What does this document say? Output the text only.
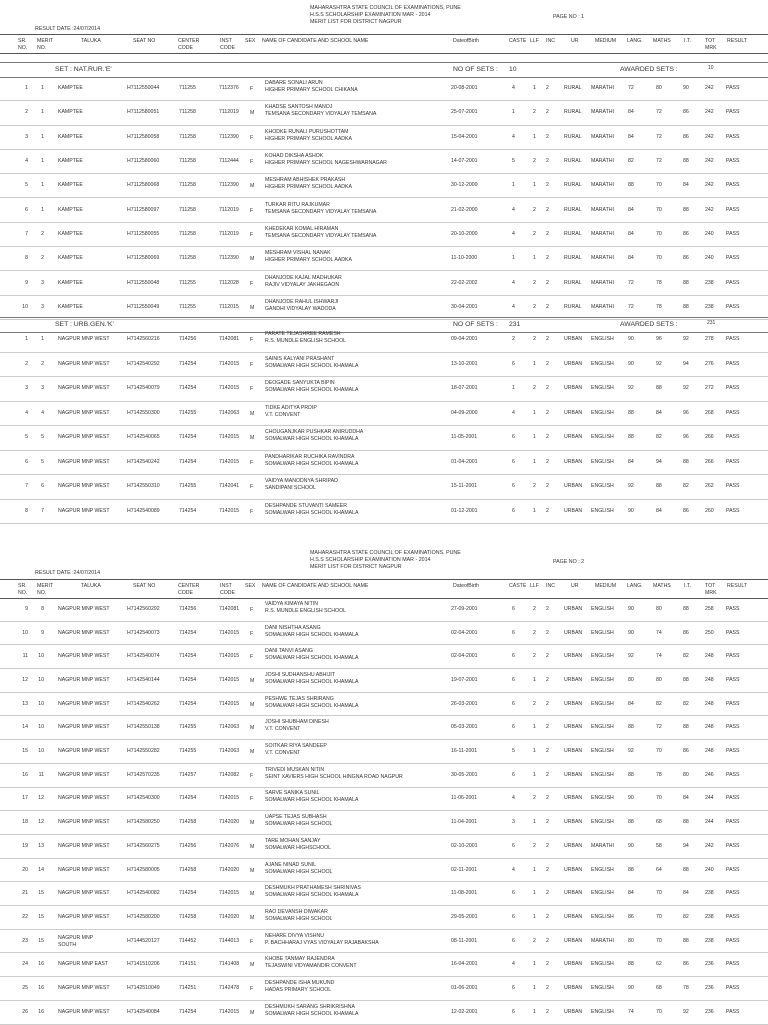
MAHARASHTRA STATE COUNCIL OF EXAMINATIONS, PUNE
H.S.S SCHOLARSHIP EXAMINATION MAR - 2014
MERIT LIST FOR DISTRICT NAGPUR
PAGE NO : 1
RESULT DATE :24/07/2014
SR.
NO.
MERIT
NO.
TALUKA	SEAT NO	CENTER
CODE
INST
CODE
SEX NAME OF CANDIDATE AND SCHOOL NAME	DateofBirth	CASTE LLF INC	UR	MEDIUM LANG. MATHS	I.T.	TOT
MRK
RESULT
SET : NAT.RUR.'E'	NO OF SETS : 10	AWARDED SETS :	10
1	1	KAMPTEE	H7112550044	711255	7112376 F	20-08-2001	4	1 2	RURAL MARATHI	72	80	90	242 PASS
DABARE SONALI ARUN
HIGHER PRIMARY SCHOOL CHIKANA
2	1	KAMPTEE	H7112580051	711258	7112019 M	25-07-2001	1	2 2	RURAL MARATHI	84	72	86	242 PASS
KHADSE SANTOSH MANOJ
TEMSANA SECONDARY VIDYALAY TEMSANA
3	1	KAMPTEE	H7112580058	711258	7112390 F	15-04-2001	4	1 2	RURAL MARATHI	84	72	86	242 PASS
KHODKE RUNALI PURUSHOTTAM
HIGHER PRIMARY SCHOOL AADKA
4	1	KAMPTEE	H7112580060	711258	7112444 F	14-07-2001	5	2 2	RURAL MARATHI	82	72	88	242 PASS
KOHAD DIKSHA ASHOK
HIGHER PRIMARY SCHOOL NAGESHWARNAGAR
5	1	KAMPTEE	H7112580068	711258	7112390 M	30-12-2000	1	1 2	RURAL MARATHI	88	70	84	242 PASS
MESHRAM ABHISHEK PRAKASH
HIGHER PRIMARY SCHOOL AADKA
6	1	KAMPTEE	H7112580097	711258	7112019 F	21-02-2000	4	2 2	RURAL MARATHI	84	70	88	242 PASS
TURKAR RITU RAJKUMAR
TEMSANA SECONDARY VIDYALAY TEMSANA
7	2	KAMPTEE	H7112580055	711258	7112019 F	20-10-2000	4	2 2	RURAL MARATHI	84	70	86	240 PASS
KHEDEKAR KOMAL HIRAMAN
TEMSANA SECONDARY VIDYALAY TEMSANA
8	2	KAMPTEE	H7112580069	711258	7112390 M	11-10-2000	1	1 2	RURAL MARATHI	84	70	86	240 PASS
MESHRAM VISHAL NANAK
HIGHER PRIMARY SCHOOL AADKA
9	3	KAMPTEE	H7112550048	711255	7112028 F	22-02-2002	4	2 2	RURAL MARATHI	72	78	88	238 PASS
DHANJODE KAJAL MADHUKAR
RAJIV VIDYALAY JAKHEGAON
10	3	KAMPTEE	H7112550049	711255	7112015 M	30-04-2001	4	2 2	RURAL MARATHI	72	78	88	238 PASS
DHANJODE RAHUL ISHWARJI
GANDHI VIDYALAY WADODA
SET : URB.GEN.'K'	NO OF SETS : 231	AWARDED SETS :	231
1	1	NAGPUR MNP WEST	H7142560216	714256	7142081 F	09-04-2001	2	2 2	URBAN ENGLISH	90	96	92	278 PASS
PARATE TEJASHREE RAMESH
R.S. MUNDLE ENGLISH SCHOOL
2	2	NAGPUR MNP WEST	H7142540292	714254	7142015 F	13-10-2001	6	1 2	URBAN ENGLISH	90	92	94	276 PASS
SAINIS KALYANI PRASHANT
SOMALWAR HIGH SCHOOL KHAMALA
3	3	NAGPUR MNP WEST	H7142540079	714254	7142015 F	18-07-2001	1	2 2	URBAN ENGLISH	92	88	92	272 PASS
DEOGADE SANYUKTA BIPIN
SOMALWAR HIGH SCHOOL KHAMALA
4	4	NAGPUR MNP WEST	H7142550300	714255	7142063 M	04-09-2000	4	1 2	URBAN ENGLISH	88	84	96	268 PASS
TIDKE ADITYA PRDIP
V.T. CONVENT
5	5	NAGPUR MNP WEST	H7142540065	714254	7142015 M	11-05-2001	6	1 2	URBAN ENGLISH	88	82	96	266 PASS
CHOUGANJKAR PUSHKAR ANIRUDDHA
SOMALWAR HIGH SCHOOL KHAMALA
6	5	NAGPUR MNP WEST	H7142540242	714254	7142015 F	01-04-2001	6	1 2	URBAN ENGLISH	84	94	88	266 PASS
PANDHARIKAR RUCHIKA RAVINDRA
SOMALWAR HIGH SCHOOL KHAMALA
7	6	NAGPUR MNP WEST	H7142550310	714255	7142041 F	15-11-2001	6	2 2	URBAN ENGLISH	92	88	82	262 PASS
VAIDYA MANODNYA SHRIPAD
SANDIPANI SCHOOL
8	7	NAGPUR MNP WEST	H7142540089	714254	7142015 F	01-12-2001	6	1 2	URBAN ENGLISH	90	84	86	260 PASS
DESHPANDE STUVANTI SAMEER
SOMALWAR HIGH SCHOOL KHAMALA
MAHARASHTRA STATE COUNCIL OF EXAMINATIONS, PUNE
H.S.S SCHOLARSHIP EXAMINATION MAR - 2014
MERIT LIST FOR DISTRICT NAGPUR
PAGE NO : 2
RESULT DATE :24/07/2014
SR.
NO.
MERIT
NO.
TALUKA	SEAT NO	CENTER
CODE
INST
CODE
SEX NAME OF CANDIDATE AND SCHOOL NAME	DateofBirth	CASTE LLF INC	UR	MEDIUM LANG. MATHS	I.T.	TOT
MRK
RESULT
9	8	NAGPUR MNP WEST	H7142560292	714256	7142081 F	27-09-2001	6	2 2	URBAN ENGLISH	90	80	88	258 PASS
VAIDYA KIMAYA NITIN
R.S. MUNDLE ENGLISH SCHOOL
10	9	NAGPUR MNP WEST	H7142540073	714254	7142015 F	02-04-2001	6	2 2	URBAN ENGLISH	90	74	86	250 PASS
DANI NISHTHA ASANG
SOMALWAR HIGH SCHOOL KHAMALA
11	10	NAGPUR MNP WEST	H7142540074	714254	7142015 F	02-04-2001	6	2 2	URBAN ENGLISH	92	74	82	248 PASS
DANI TANVI ASANG
SOMALWAR HIGH SCHOOL KHAMALA
12	10	NAGPUR MNP WEST	H7142540144	714254	7142015 M	19-07-2001	6	1 2	URBAN ENGLISH	80	80	88	248 PASS
JOSHI SUDHANSHU ABHIJIT
SOMALWAR HIGH SCHOOL KHAMALA
13	10	NAGPUR MNP WEST	H7142540262	714254	7142015 M	26-03-2001	6	2 2	URBAN ENGLISH	84	82	82	248 PASS
PESHWE TEJAS SHRIRANG
SOMALWAR HIGH SCHOOL KHAMALA
14	10	NAGPUR MNP WEST	H7142550138	714255	7142063 M	05-03-2001	6	1 2	URBAN ENGLISH	88	72	88	248 PASS
JOSHI SHUBHAM DINESH
V.T. CONVENT
15	10	NAGPUR MNP WEST	H7142550282	714255	7142063 M	16-11-2001	5	1 2	URBAN ENGLISH	92	70	86	248 PASS
SOITKAR RIYA SANDEEP
V.T. CONVENT
16	11	NAGPUR MNP WEST	H7142570235	714257	7142082 F	30-05-2001	6	1 2	URBAN ENGLISH	88	78	80	246 PASS
TRIVEDI MUSKAN NITIN
SEINT XAVIERS HIGH SCHOOL HINGNA ROAD NAGPUR
17	12	NAGPUR MNP WEST	H7142540300	714254	7142015 F	11-06-2001	4	2 2	URBAN ENGLISH	90	70	84	244 PASS
SARVE SANIKA SUNIL
SOMALWAR HIGH SCHOOL KHAMALA
18	12	NAGPUR MNP WEST	H7142580250	714258	7142020 M	11-04-2001	3	1 2	URBAN ENGLISH	88	68	88	244 PASS
UAPSE TEJAS SUBHASH
SOMALWAR HIGH SCHOOL
19	13	NAGPUR MNP WEST	H7142560275	714256	7142076 M	02-10-2001	6	2 2	URBAN MARATHI	90	58	94	242 PASS
TARE MOHAN SANJAY
SOMALWAR HIGHSCHOOL
20	14	NAGPUR MNP WEST	H7142580005	714258	7142020 M	02-11-2001	4	1 2	URBAN ENGLISH	88	64	88	240 PASS
AJANE NINAD SUNIL
SOMALWAR HIGH SCHOOL
21	15	NAGPUR MNP WEST	H7142540082	714254	7142015 M	11-08-2001	6	1 2	URBAN ENGLISH	84	70	84	238 PASS
DESHMUKH PRATHAMESH SHRINIVAS
SOMALWAR HIGH SCHOOL KHAMALA
22	15	NAGPUR MNP WEST	H7142580200	714258	7142020 M	29-05-2001	6	1 2	URBAN ENGLISH	86	70	82	238 PASS
RAO DEVANSH DIWAKAR
SOMALWAR HIGH SCHOOL
23	15	NAGPUR MNP
SOUTH
H7144520127	714452	7144013 F	08-11-2001	6	2 2	URBAN MARATHI	80	70	88	238 PASS
NEHARE DIVYA VISHNU
P. BACHHARAJ VYAS VIDYALAY RAJABAKSHA
24	16	NAGPUR MNP EAST	H7141510206	714151	7141408 M	16-04-2001	4	1 2	URBAN ENGLISH	88	62	86	236 PASS
KHOBE TANMAY RAJENDRA
TEJASWINI VIDYAMANDIR CONVENT
25	16	NAGPUR MNP WEST	H7142510049	714251	7142478 F	01-06-2001	6	1 2	URBAN ENGLISH	90	68	78	236 PASS
DESHPANDE ISHA MUKUND
HADAS PRIMARY SCHOOL
26	16	NAGPUR MNP WEST	H7142540084	714254	7142015 M	12-02-2001	6	1 2	URBAN ENGLISH	74	70	92	236 PASS
DESHMUKH SARANG SHRIKRISHNA
SOMALWAR HIGH SCHOOL KHAMALA
